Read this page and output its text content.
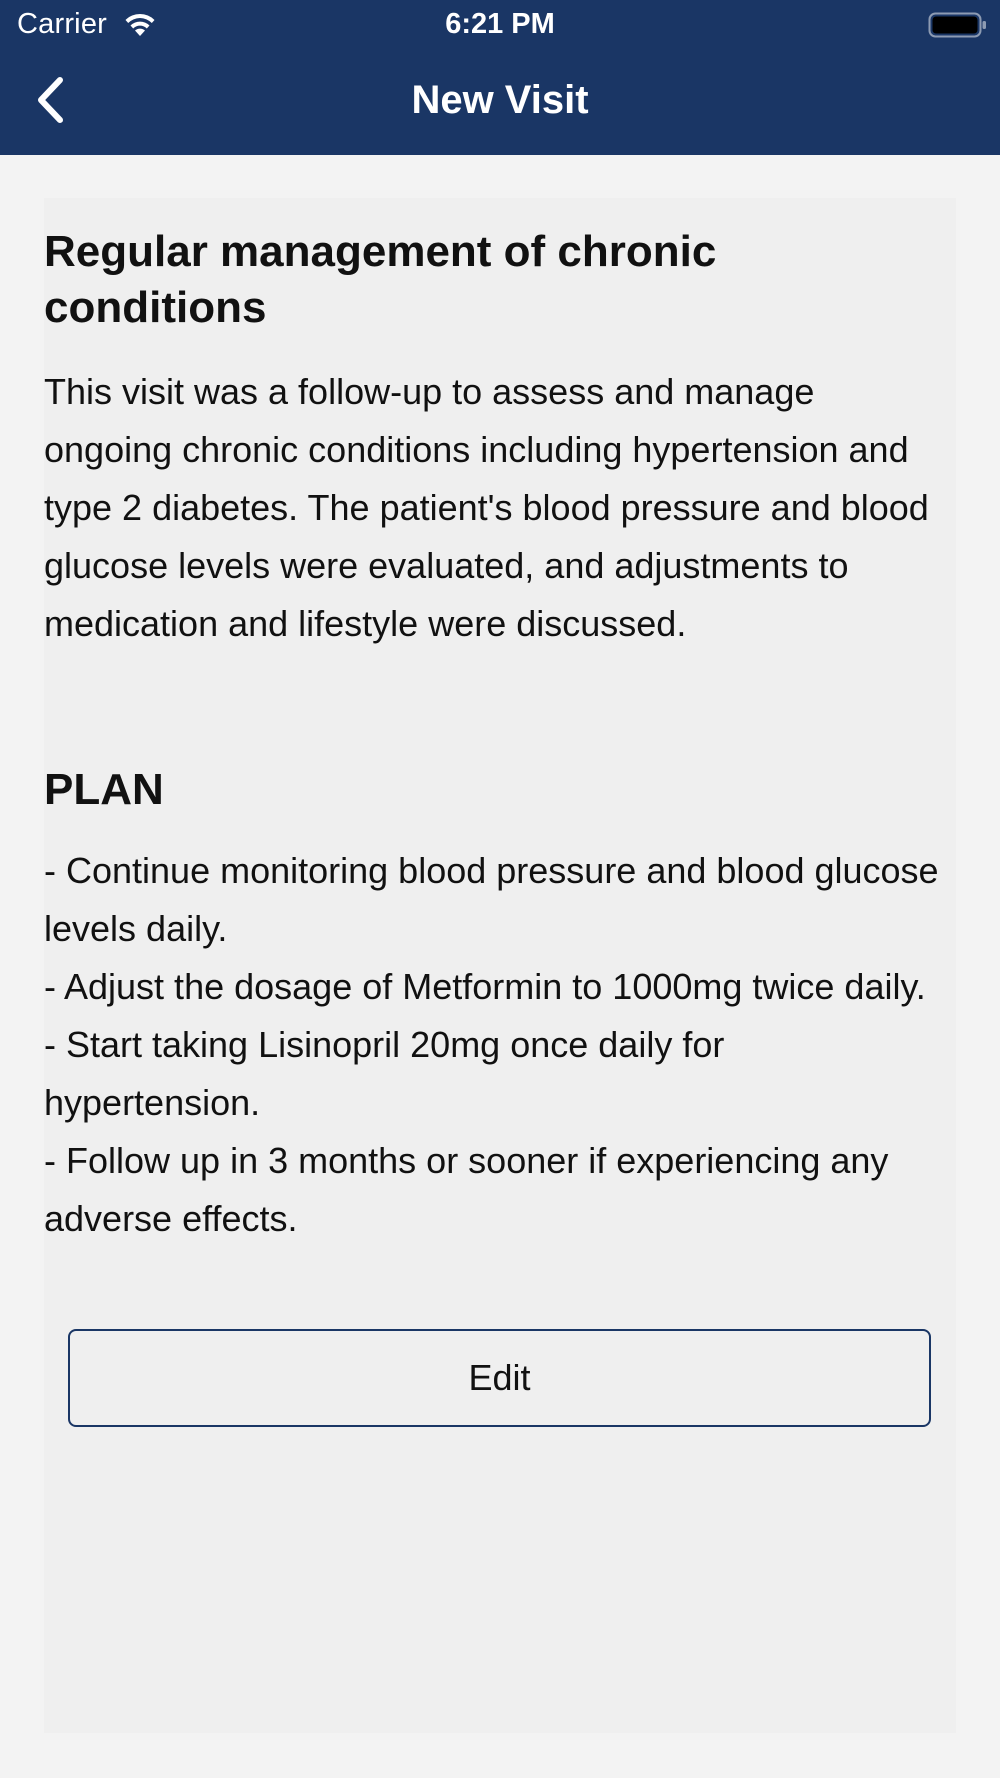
Carrier	6:21 PM
New Visit
Regular management of chronic conditions

This visit was a follow-up to assess and manage ongoing chronic conditions including hypertension and type 2 diabetes. The patient's blood pressure and blood glucose levels were evaluated, and adjustments to medication and lifestyle were discussed.

PLAN
- Continue monitoring blood pressure and blood glucose levels daily.
- Adjust the dosage of Metformin to 1000mg twice daily.
- Start taking Lisinopril 20mg once daily for hypertension.
- Follow up in 3 months or sooner if experiencing any adverse effects.
Edit
